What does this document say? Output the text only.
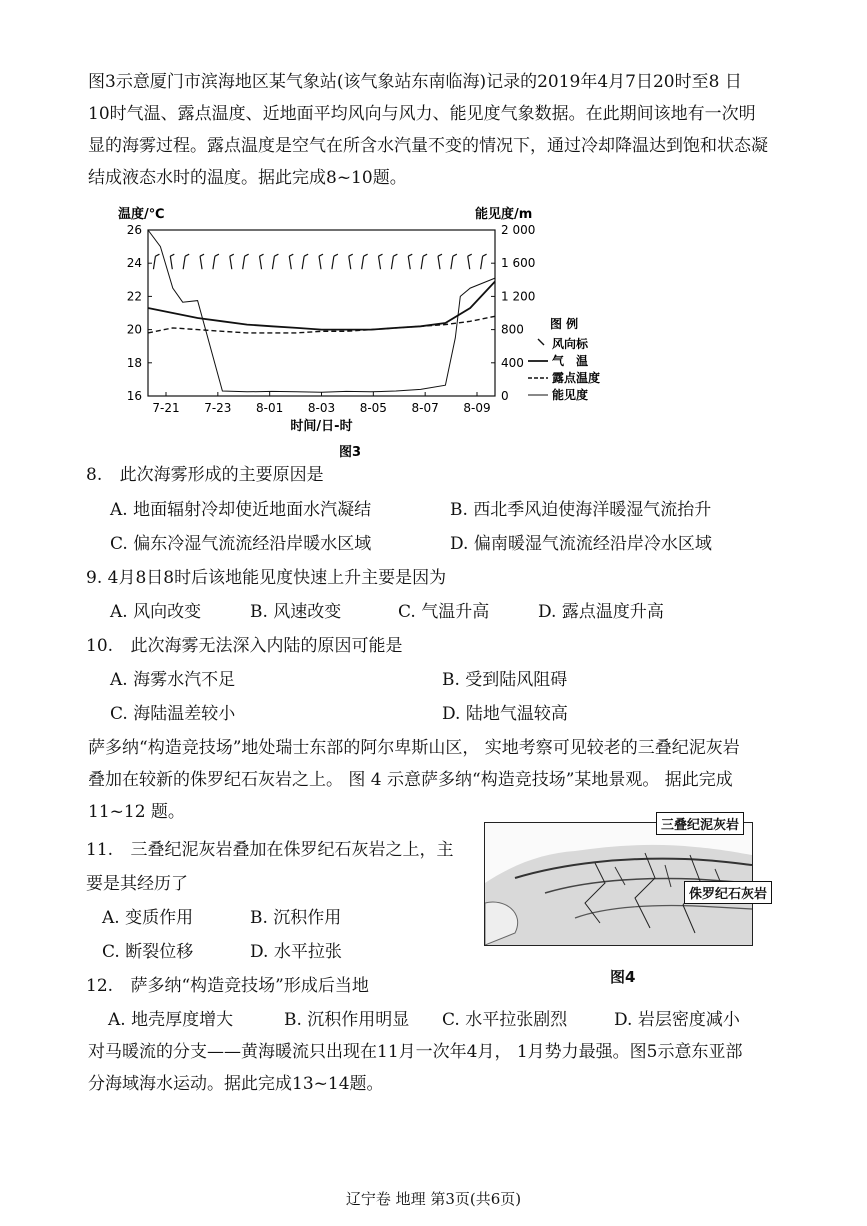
图3示意厦门市滨海地区某气象站(该气象站东南临海)记录的2019年4月7日20时至8 日
10时气温、露点温度、近地面平均风向与风力、能见度气象数据。在此期间该地有一次明
显的海雾过程。露点温度是空气在所含水汽量不变的情况下，通过冷却降温达到饱和状态凝
结成液态水时的温度。据此完成8~10题。
26
24
22
20
18
16
2 000
1 600
1 200
800
400
0
7-21 7-23 8-01 8-03 8-05 8-07 8-09
温度/℃	能见度/m
时间/日-时
图 例
风向标
气　温
露点温度
能见度
图3
8. 此次海雾形成的主要原因是
A. 地面辐射冷却使近地面水汽凝结	B. 西北季风迫使海洋暖湿气流抬升
C. 偏东冷湿气流流经沿岸暖水区域	D. 偏南暖湿气流流经沿岸冷水区域
9. 4月8日8时后该地能见度快速上升主要是因为
A. 风向改变	B. 风速改变	C. 气温升高	D. 露点温度升高
10. 此次海雾无法深入内陆的原因可能是
A. 海雾水汽不足	B. 受到陆风阻碍
C. 海陆温差较小	D. 陆地气温较高
萨多纳“构造竞技场”地处瑞士东部的阿尔卑斯山区， 实地考察可见较老的三叠纪泥灰岩
叠加在较新的侏罗纪石灰岩之上。 图 4 示意萨多纳“构造竞技场”某地景观。 据此完成
11~12 题。
三叠纪泥灰岩
侏罗纪石灰岩
图4
11. 三叠纪泥灰岩叠加在侏罗纪石灰岩之上，主
要是其经历了
A. 变质作用	B. 沉积作用
C. 断裂位移	D. 水平拉张
12. 萨多纳“构造竞技场”形成后当地
A. 地壳厚度增大	B. 沉积作用明显 C. 水平拉张剧烈	D. 岩层密度减小
对马暖流的分支——黄海暖流只出现在11月一次年4月， 1月势力最强。图5示意东亚部
分海域海水运动。据此完成13~14题。
辽宁卷 地理 第3页(共6页)
